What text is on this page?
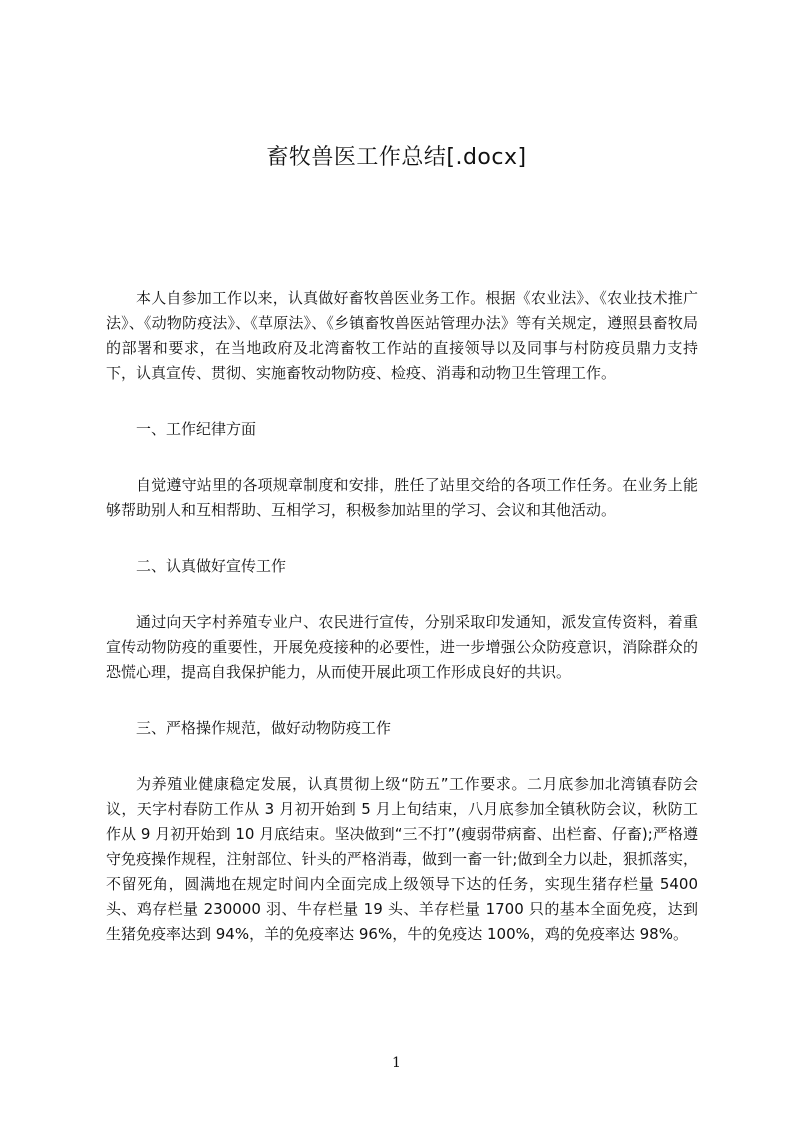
畜牧兽医工作总结[.docx]

本人自参加工作以来，认真做好畜牧兽医业务工作。根据《农业法》、《农业技术推广法》、《动物防疫法》、《草原法》、《乡镇畜牧兽医站管理办法》等有关规定，遵照县畜牧局的部署和要求，在当地政府及北湾畜牧工作站的直接领导以及同事与村防疫员鼎力支持下，认真宣传、贯彻、实施畜牧动物防疫、检疫、消毒和动物卫生管理工作。

一、工作纪律方面

自觉遵守站里的各项规章制度和安排，胜任了站里交给的各项工作任务。在业务上能够帮助别人和互相帮助、互相学习，积极参加站里的学习、会议和其他活动。

二、认真做好宣传工作

通过向天字村养殖专业户、农民进行宣传，分别采取印发通知，派发宣传资料，着重宣传动物防疫的重要性，开展免疫接种的必要性，进一步增强公众防疫意识，消除群众的恐慌心理，提高自我保护能力，从而使开展此项工作形成良好的共识。

三、严格操作规范，做好动物防疫工作

为养殖业健康稳定发展，认真贯彻上级“防五”工作要求。二月底参加北湾镇春防会议，天字村春防工作从 3 月初开始到 5 月上旬结束，八月底参加全镇秋防会议，秋防工作从 9 月初开始到 10 月底结束。坚决做到“三不打”(瘦弱带病畜、出栏畜、仔畜);严格遵守免疫操作规程，注射部位、针头的严格消毒，做到一畜一针;做到全力以赴，狠抓落实，不留死角，圆满地在规定时间内全面完成上级领导下达的任务，实现生猪存栏量 5400 头、鸡存栏量 230000 羽、牛存栏量 19 头、羊存栏量 1700 只的基本全面免疫，达到生猪免疫率达到 94%，羊的免疫率达 96%，牛的免疫达 100%，鸡的免疫率达 98%。

1
